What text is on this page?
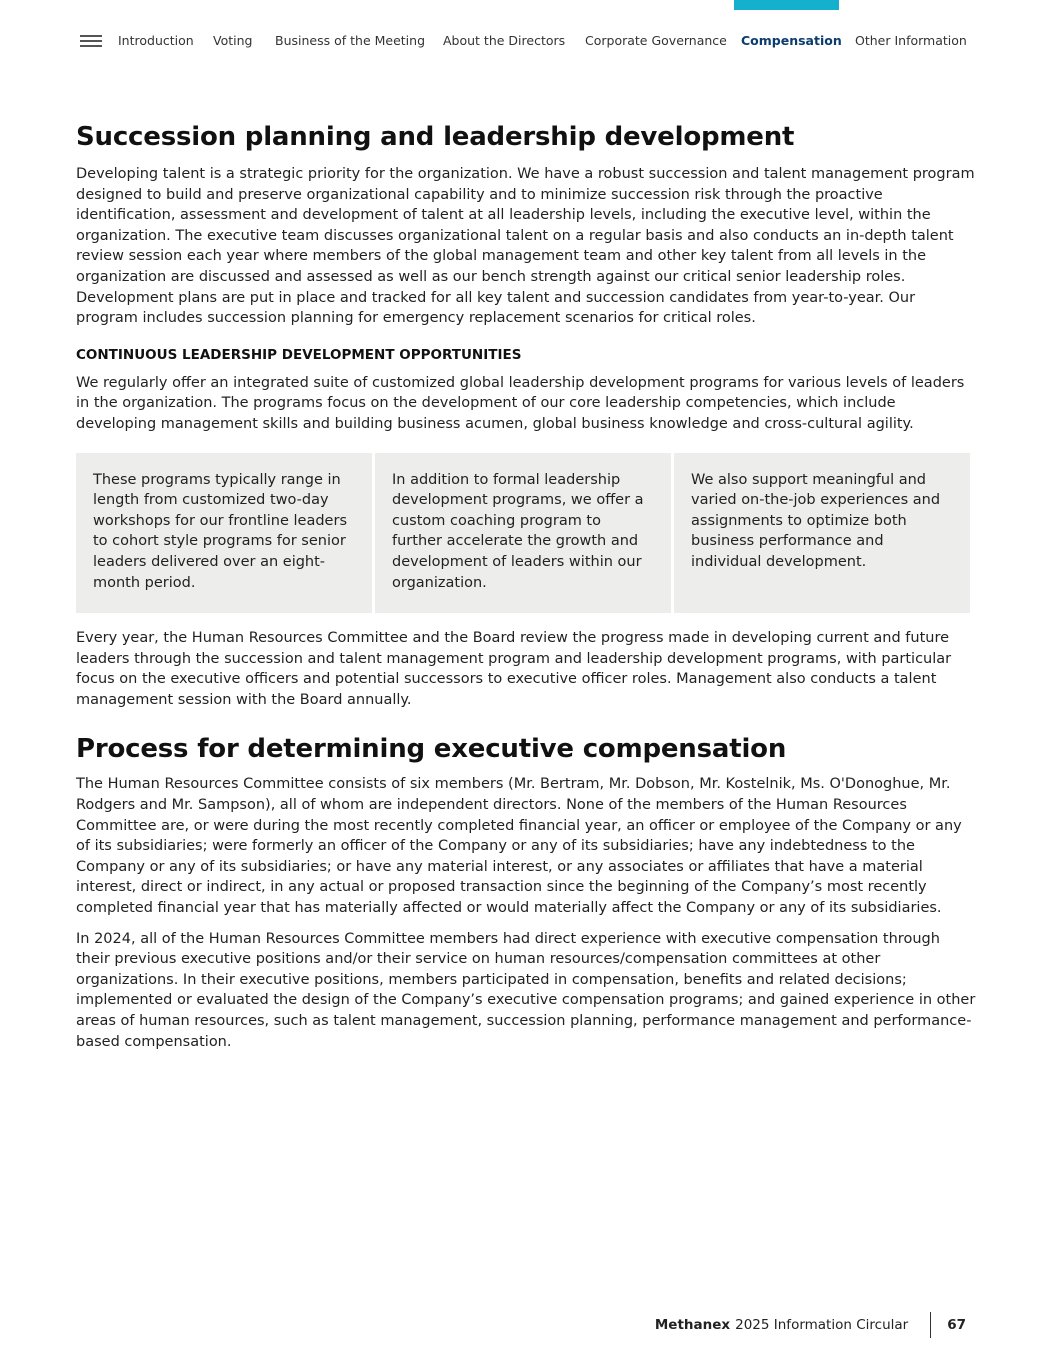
Introduction Voting Business of the Meeting About the Directors Corporate Governance Compensation Other Information
Succession planning and leadership development

Developing talent is a strategic priority for the organization. We have a robust succession and talent management program designed to build and preserve organizational capability and to minimize succession risk through the proactive identification, assessment and development of talent at all leadership levels, including the executive level, within the organization. The executive team discusses organizational talent on a regular basis and also conducts an in-depth talent review session each year where members of the global management team and other key talent from all levels in the organization are discussed and assessed as well as our bench strength against our critical senior leadership roles. Development plans are put in place and tracked for all key talent and succession candidates from year-to-year. Our program includes succession planning for emergency replacement scenarios for critical roles.

CONTINUOUS LEADERSHIP DEVELOPMENT OPPORTUNITIES

We regularly offer an integrated suite of customized global leadership development programs for various levels of leaders in the organization. The programs focus on the development of our core leadership competencies, which include developing management skills and building business acumen, global business knowledge and cross-cultural agility.

These programs typically range in length from customized two-day workshops for our frontline leaders to cohort style programs for senior leaders delivered over an eight-month period.
In addition to formal leadership development programs, we offer a custom coaching program to further accelerate the growth and development of leaders within our organization.
We also support meaningful and varied on-the-job experiences and assignments to optimize both business performance and individual development.

Every year, the Human Resources Committee and the Board review the progress made in developing current and future leaders through the succession and talent management program and leadership development programs, with particular focus on the executive officers and potential successors to executive officer roles. Management also conducts a talent management session with the Board annually.

Process for determining executive compensation

The Human Resources Committee consists of six members (Mr. Bertram, Mr. Dobson, Mr. Kostelnik, Ms. O'Donoghue, Mr. Rodgers and Mr. Sampson), all of whom are independent directors. None of the members of the Human Resources Committee are, or were during the most recently completed financial year, an officer or employee of the Company or any of its subsidiaries; were formerly an officer of the Company or any of its subsidiaries; have any indebtedness to the Company or any of its subsidiaries; or have any material interest, or any associates or affiliates that have a material interest, direct or indirect, in any actual or proposed transaction since the beginning of the Company’s most recently completed financial year that has materially affected or would materially affect the Company or any of its subsidiaries.

In 2024, all of the Human Resources Committee members had direct experience with executive compensation through their previous executive positions and/or their service on human resources/compensation committees at other organizations. In their executive positions, members participated in compensation, benefits and related decisions; implemented or evaluated the design of the Company’s executive compensation programs; and gained experience in other areas of human resources, such as talent management, succession planning, performance management and performance-based compensation.

Methanex 2025 Information Circular	67
